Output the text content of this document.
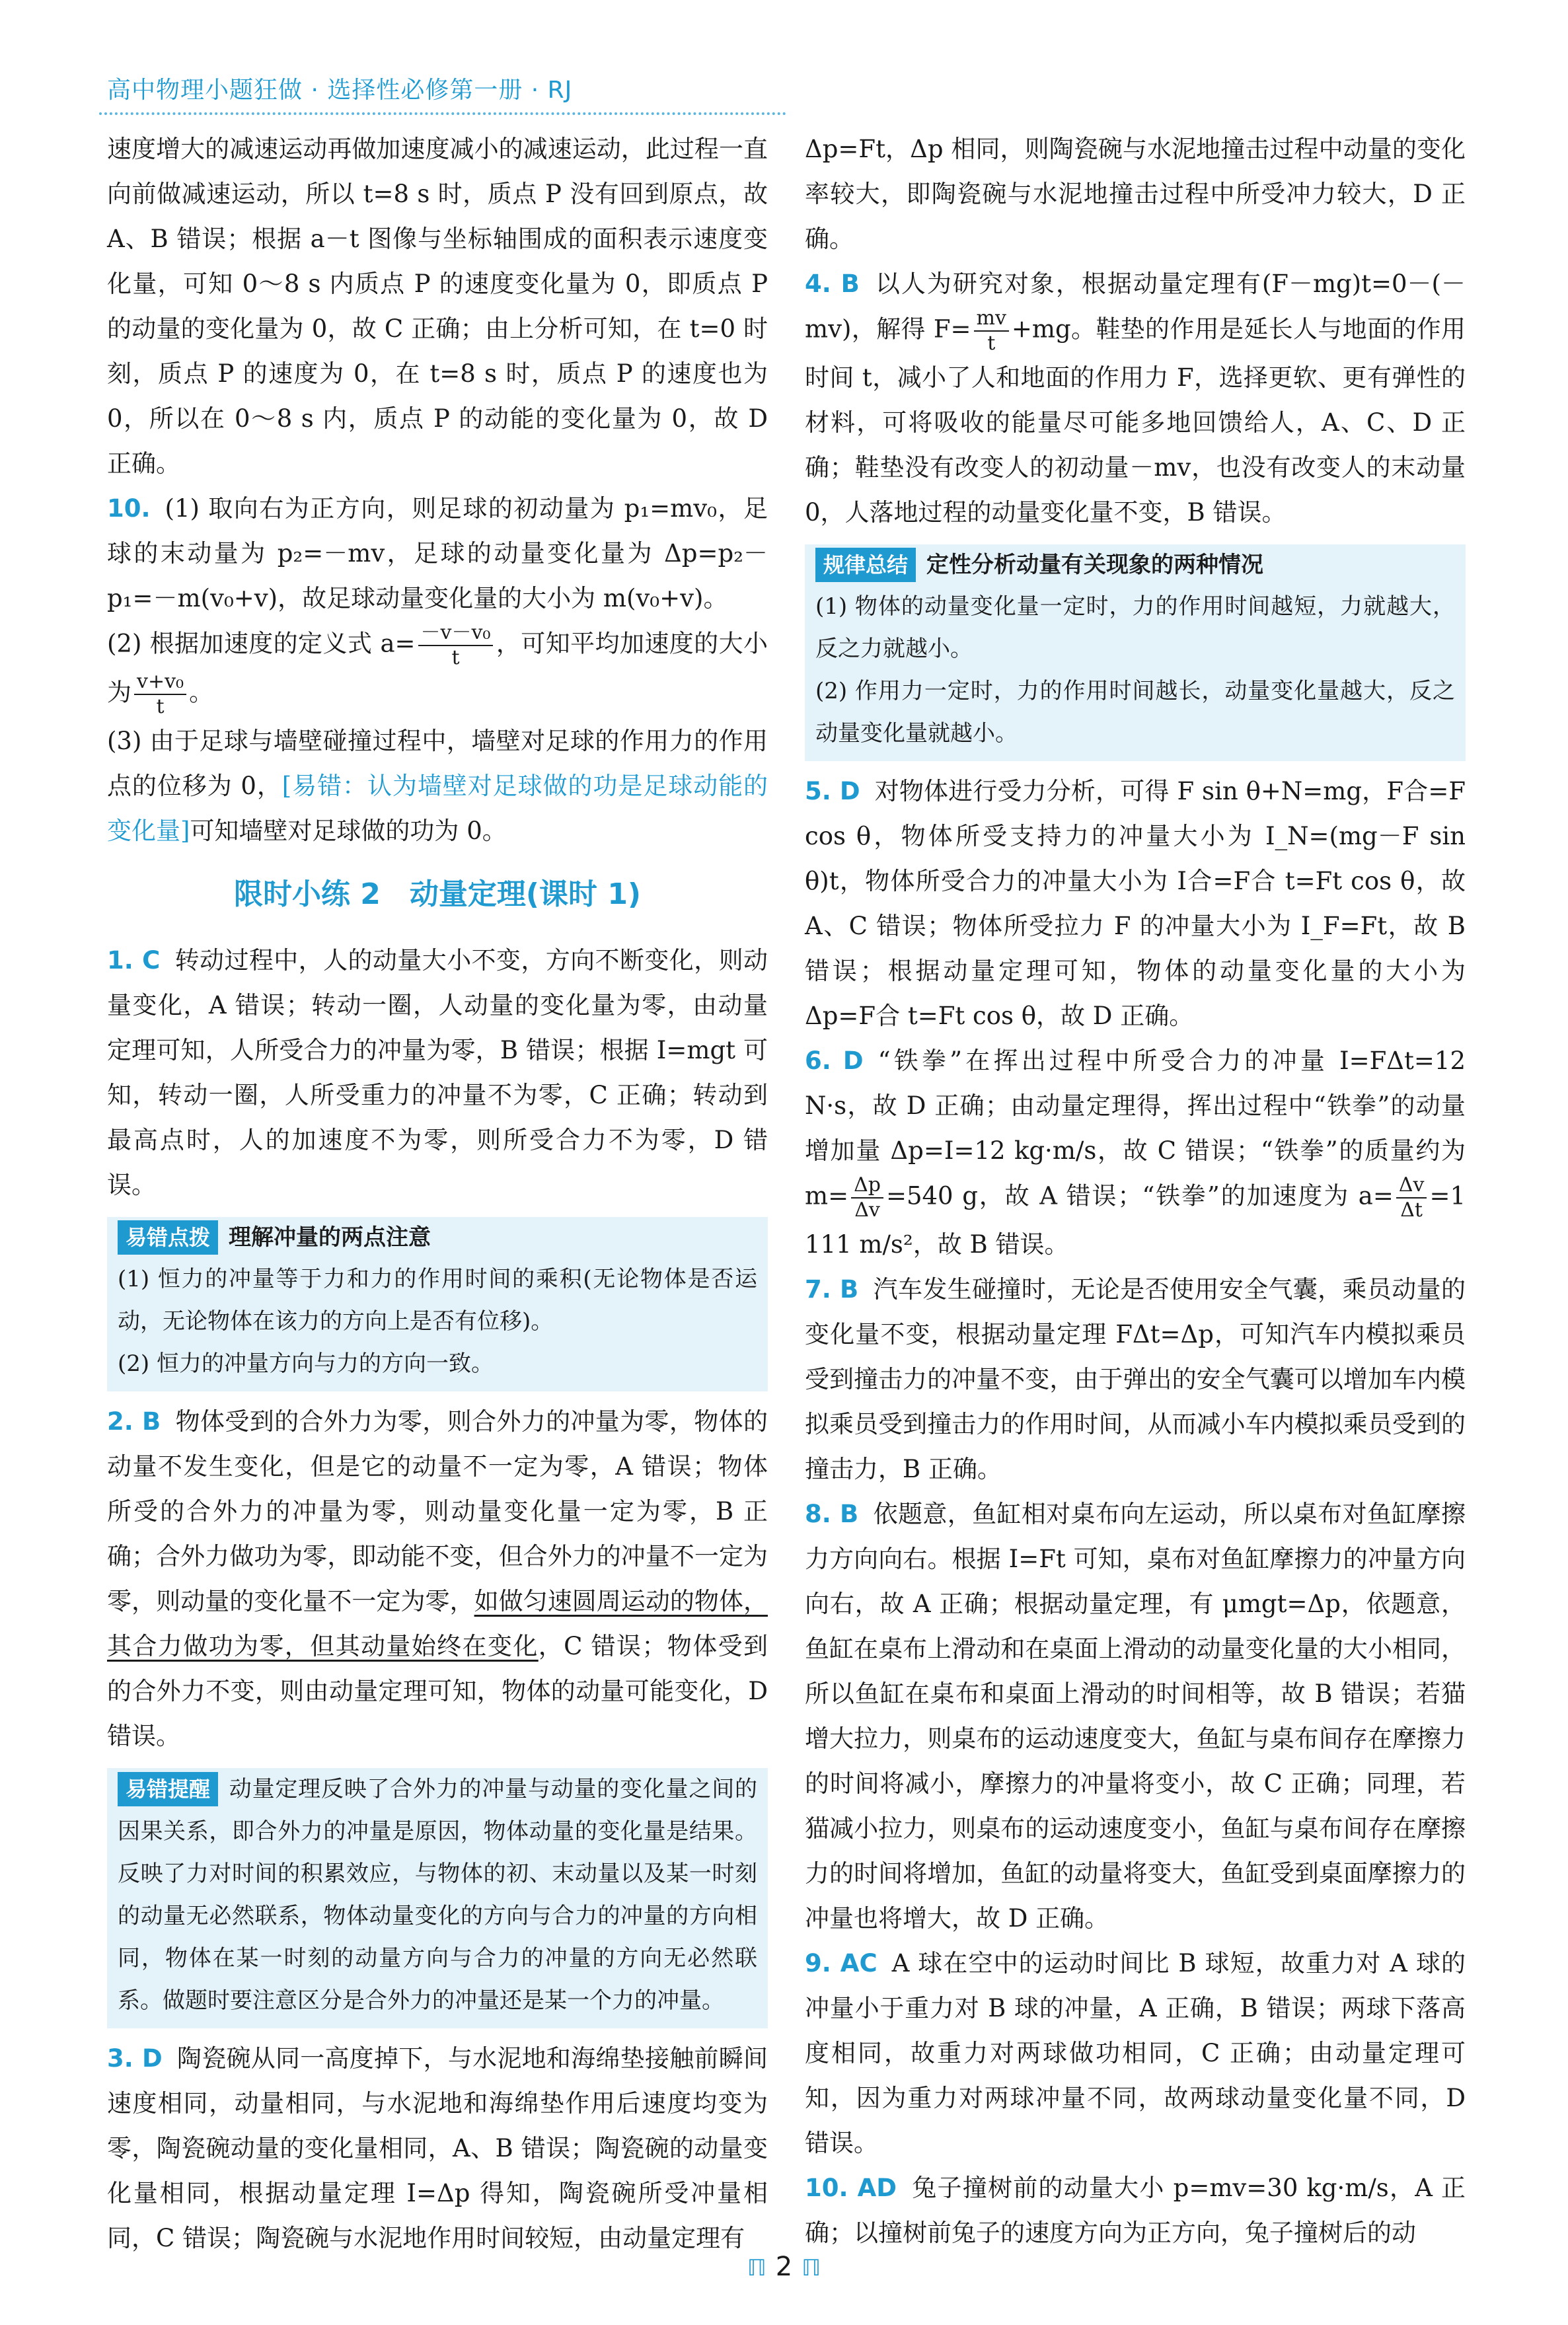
高中物理小题狂做 · 选择性必修第一册 · RJ

速度增大的减速运动再做加速度减小的减速运动，此过程一直向前做减速运动，所以 t=8 s 时，质点 P 没有回到原点，故 A、B 错误；根据 a－t 图像与坐标轴围成的面积表示速度变化量，可知 0～8 s 内质点 P 的速度变化量为 0，即质点 P 的动量的变化量为 0，故 C 正确；由上分析可知，在 t=0 时刻，质点 P 的速度为 0，在 t=8 s 时，质点 P 的速度也为 0，所以在 0～8 s 内，质点 P 的动能的变化量为 0，故 D 正确。

10. (1) 取向右为正方向，则足球的初动量为 p₁=mv₀，足球的末动量为 p₂=－mv，足球的动量变化量为 Δp=p₂－p₁=－m(v₀+v)，故足球动量变化量的大小为 m(v₀+v)。

(2) 根据加速度的定义式 $a= \frac{\text{－v－v₀}}{t}$ ，可知平均加速度的大小为 $\frac{\text{v+v₀}}{t}$ 。

(3) 由于足球与墙壁碰撞过程中，墙壁对足球的作用力的作用点的位移为 0，[易错：认为墙壁对足球做的功是足球动能的变化量]可知墙壁对足球做的功为 0。

限时小练 2　动量定理(课时 1)

1. C 转动过程中，人的动量大小不变，方向不断变化，则动量变化，A 错误；转动一圈，人动量的变化量为零，由动量定理可知，人所受合力的冲量为零，B 错误；根据 I=mgt 可知，转动一圈，人所受重力的冲量不为零，C 正确；转动到最高点时，人的加速度不为零，则所受合力不为零，D 错误。

易错点拨 理解冲量的两点注意

(1) 恒力的冲量等于力和力的作用时间的乘积(无论物体是否运动，无论物体在该力的方向上是否有位移)。

(2) 恒力的冲量方向与力的方向一致。

2. B 物体受到的合外力为零，则合外力的冲量为零，物体的动量不发生变化，但是它的动量不一定为零，A 错误；物体所受的合外力的冲量为零，则动量变化量一定为零，B 正确；合外力做功为零，即动能不变，但合外力的冲量不一定为零，则动量的变化量不一定为零，如做匀速圆周运动的物体，其合力做功为零，但其动量始终在变化，C 错误；物体受到的合外力不变，则由动量定理可知，物体的动量可能变化，D 错误。

易错提醒 动量定理反映了合外力的冲量与动量的变化量之间的因果关系，即合外力的冲量是原因，物体动量的变化量是结果。反映了力对时间的积累效应，与物体的初、末动量以及某一时刻的动量无必然联系，物体动量变化的方向与合力的冲量的方向相同，物体在某一时刻的动量方向与合力的冲量的方向无必然联系。做题时要注意区分是合外力的冲量还是某一个力的冲量。

3. D 陶瓷碗从同一高度掉下，与水泥地和海绵垫接触前瞬间速度相同，动量相同，与水泥地和海绵垫作用后速度均变为零，陶瓷碗动量的变化量相同，A、B 错误；陶瓷碗的动量变化量相同，根据动量定理 I=Δp 得知，陶瓷碗所受冲量相同，C 错误；陶瓷碗与水泥地作用时间较短，由动量定理有

Δp=Ft，Δp 相同，则陶瓷碗与水泥地撞击过程中动量的变化率较大，即陶瓷碗与水泥地撞击过程中所受冲力较大，D 正确。

4. B 以人为研究对象，根据动量定理有(F－mg)t=0－(－mv)，解得 $F= \frac{mv}{t} +mg$。鞋垫的作用是延长人与地面的作用时间 t，减小了人和地面的作用力 F，选择更软、更有弹性的材料，可将吸收的能量尽可能多地回馈给人，A、C、D 正确；鞋垫没有改变人的初动量－mv，也没有改变人的末动量 0，人落地过程的动量变化量不变，B 错误。

规律总结 定性分析动量有关现象的两种情况

(1) 物体的动量变化量一定时，力的作用时间越短，力就越大，反之力就越小。

(2) 作用力一定时，力的作用时间越长，动量变化量越大，反之动量变化量就越小。

5. D 对物体进行受力分析，可得 F sin θ+N=mg，F合=F cos θ，物体所受支持力的冲量大小为 I_N=(mg－F sin θ)t，物体所受合力的冲量大小为 I合=F合 t=Ft cos θ，故 A、C 错误；物体所受拉力 F 的冲量大小为 I_F=Ft，故 B 错误；根据动量定理可知，物体的动量变化量的大小为 Δp=F合 t=Ft cos θ，故 D 正确。

6. D “铁拳”在挥出过程中所受合力的冲量 I=FΔt=12 N·s，故 D 正确；由动量定理得，挥出过程中“铁拳”的动量增加量 Δp=I=12 kg·m/s，故 C 错误；“铁拳”的质量约为 $m= \frac{\Delta p}{\Delta v} =540$ g，故 A 错误；“铁拳”的加速度为 $a= \frac{\Delta v}{\Delta t} =1$ 111 m/s²，故 B 错误。

7. B 汽车发生碰撞时，无论是否使用安全气囊，乘员动量的变化量不变，根据动量定理 FΔt=Δp，可知汽车内模拟乘员受到撞击力的冲量不变，由于弹出的安全气囊可以增加车内模拟乘员受到撞击力的作用时间，从而减小车内模拟乘员受到的撞击力，B 正确。

8. B 依题意，鱼缸相对桌布向左运动，所以桌布对鱼缸摩擦力方向向右。根据 I=Ft 可知，桌布对鱼缸摩擦力的冲量方向向右，故 A 正确；根据动量定理，有 μmgt=Δp，依题意，鱼缸在桌布上滑动和在桌面上滑动的动量变化量的大小相同，所以鱼缸在桌布和桌面上滑动的时间相等，故 B 错误；若猫增大拉力，则桌布的运动速度变大，鱼缸与桌布间存在摩擦力的时间将减小，摩擦力的冲量将变小，故 C 正确；同理，若猫减小拉力，则桌布的运动速度变小，鱼缸与桌布间存在摩擦力的时间将增加，鱼缸的动量将变大，鱼缸受到桌面摩擦力的冲量也将增大，故 D 正确。

9. AC A 球在空中的运动时间比 B 球短，故重力对 A 球的冲量小于重力对 B 球的冲量，A 正确，B 错误；两球下落高度相同，故重力对两球做功相同，C 正确；由动量定理可知，因为重力对两球冲量不同，故两球动量变化量不同，D 错误。

10. AD 兔子撞树前的动量大小 p=mv=30 kg·m/s，A 正确；以撞树前兔子的速度方向为正方向，兔子撞树后的动

ℿ 2 ℿ
